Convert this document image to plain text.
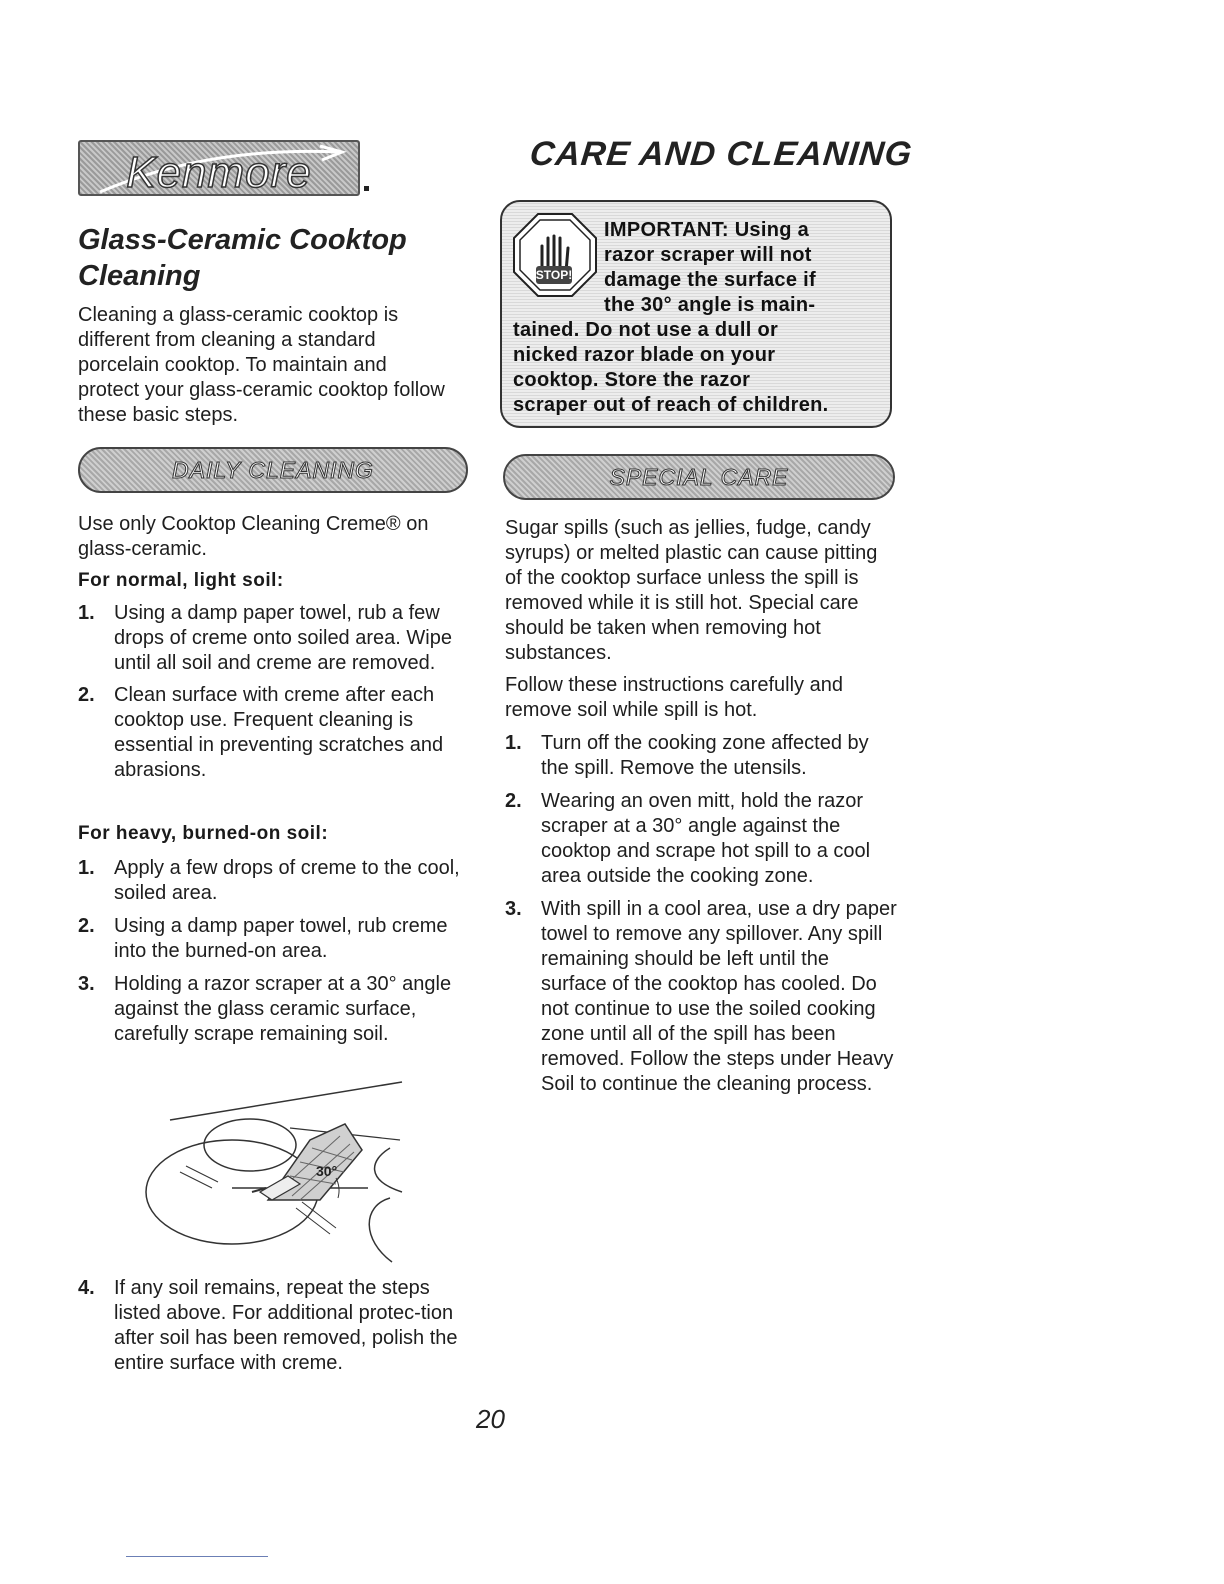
Kenmore	CARE AND CLEANING
Glass-Ceramic Cooktop Cleaning
Cleaning a glass-ceramic cooktop is different from cleaning a standard porcelain cooktop. To maintain and protect your glass-ceramic cooktop follow these basic steps.
STOP!
IMPORTANT: Using a
razor scraper will not
damage the surface if
the 30° angle is main-
tained. Do not use a dull or
nicked razor blade on your
cooktop. Store the razor
scraper out of reach of children.
DAILY CLEANING	SPECIAL CARE
Use only Cooktop Cleaning Creme® on glass-ceramic.
For normal, light soil:
1. Using a damp paper towel, rub a few drops of creme onto soiled area. Wipe until all soil and creme are removed.
2. Clean surface with creme after each cooktop use. Frequent cleaning is essential in preventing scratches and abrasions.
For heavy, burned-on soil:
1. Apply a few drops of creme to the cool, soiled area.
2. Using a damp paper towel, rub creme into the burned-on area.
3. Holding a razor scraper at a 30° angle against the glass ceramic surface, carefully scrape remaining soil.
30°
4. If any soil remains, repeat the steps listed above. For additional protec-tion after soil has been removed, polish the entire surface with creme.
Sugar spills (such as jellies, fudge, candy syrups) or melted plastic can cause pitting of the cooktop surface unless the spill is removed while it is still hot. Special care should be taken when removing hot substances.
Follow these instructions carefully and remove soil while spill is hot.
1. Turn off the cooking zone affected by the spill. Remove the utensils.
2. Wearing an oven mitt, hold the razor scraper at a 30° angle against the cooktop and scrape hot spill to a cool area outside the cooking zone.
3. With spill in a cool area, use a dry paper towel to remove any spillover. Any spill remaining should be left until the surface of the cooktop has cooled. Do not continue to use the soiled cooking zone until all of the spill has been removed. Follow the steps under Heavy Soil to continue the cleaning process.
20
